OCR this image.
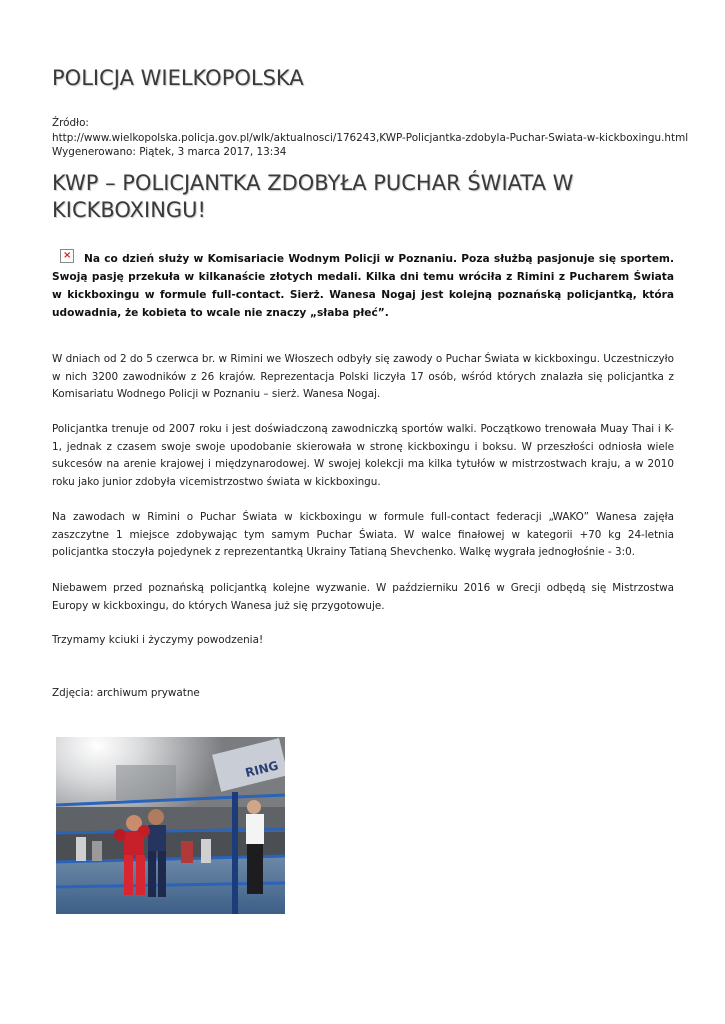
POLICJA WIELKOPOLSKA
Źródło:
http://www.wielkopolska.policja.gov.pl/wlk/aktualnosci/176243,KWP-Policjantka-zdobyla-Puchar-Swiata-w-kickboxingu.html
Wygenerowano: Piątek, 3 marca 2017, 13:34
KWP – POLICJANTKA ZDOBYŁA PUCHAR ŚWIATA W KICKBOXINGU!
× Na co dzień służy w Komisariacie Wodnym Policji w Poznaniu. Poza służbą pasjonuje się sportem. Swoją pasję przekuła w kilkanaście złotych medali. Kilka dni temu wróciła z Rimini z Pucharem Świata w kickboxingu w formule full-contact. Sierż. Wanesa Nogaj jest kolejną poznańską policjantką, która udowadnia, że kobieta to wcale nie znaczy „słaba płeć”.

W dniach od 2 do 5 czerwca br. w Rimini we Włoszech odbyły się zawody o Puchar Świata w kickboxingu. Uczestniczyło w nich 3200 zawodników z 26 krajów. Reprezentacja Polski liczyła 17 osób, wśród których znalazła się policjantka z Komisariatu Wodnego Policji w Poznaniu – sierż. Wanesa Nogaj.

Policjantka trenuje od 2007 roku i jest doświadczoną zawodniczką sportów walki. Początkowo trenowała Muay Thai i K-1, jednak z czasem swoje swoje upodobanie skierowała w stronę kickboxingu i boksu. W przeszłości odniosła wiele sukcesów na arenie krajowej i międzynarodowej. W swojej kolekcji ma kilka tytułów w mistrzostwach kraju, a w 2010 roku jako junior zdobyła vicemistrzostwo świata w kickboxingu.

Na zawodach w Rimini o Puchar Świata w kickboxingu w formule full-contact federacji „WAKO” Wanesa zajęła zaszczytne 1 miejsce zdobywając tym samym Puchar Świata. W walce finałowej w kategorii +70 kg 24-letnia policjantka stoczyła pojedynek z reprezentantką Ukrainy Tatianą Shevchenko. Walkę wygrała jednogłośnie - 3:0.

Niebawem przed poznańską policjantką kolejne wyzwanie. W październiku 2016 w Grecji odbędą się Mistrzostwa Europy w kickboxingu, do których Wanesa już się przygotowuje.

Trzymamy kciuki i życzymy powodzenia!

Zdjęcia: archiwum prywatne

RING
